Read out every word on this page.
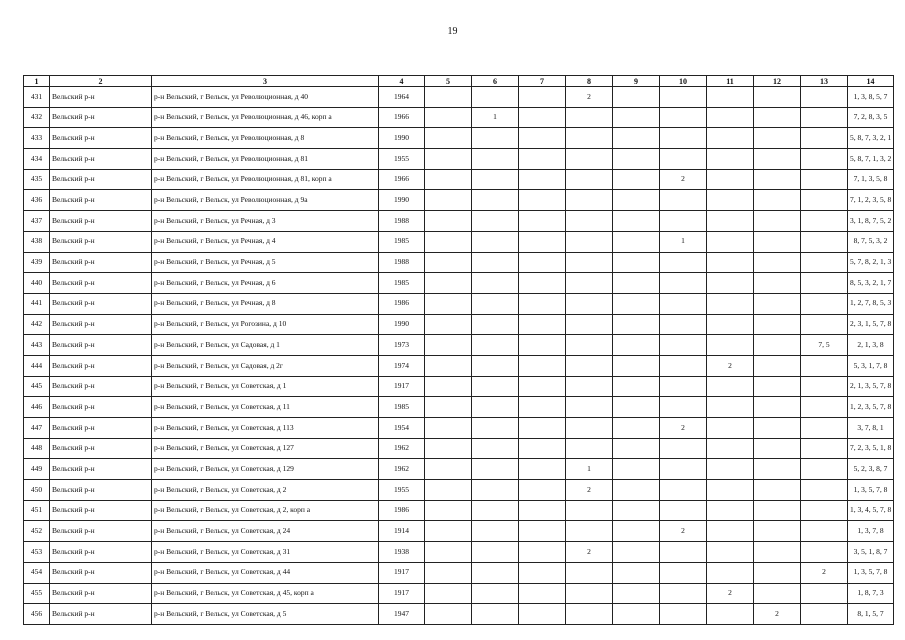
19
1	2	3	4	5	6	7	8	9	10	11	12	13	14
431	Вельский р-н	р-н Вельский, г Вельск, ул Революционная, д 40	1964				2						1, 3, 8, 5, 7
432	Вельский р-н	р-н Вельский, г Вельск, ул Революционная, д 46, корп а	1966		1								7, 2, 8, 3, 5
433	Вельский р-н	р-н Вельский, г Вельск, ул Революционная, д 8	1990										5, 8, 7, 3, 2, 1
434	Вельский р-н	р-н Вельский, г Вельск, ул Революционная, д 81	1955										5, 8, 7, 1, 3, 2
435	Вельский р-н	р-н Вельский, г Вельск, ул Революционная, д 81, корп а	1966						2				7, 1, 3, 5, 8
436	Вельский р-н	р-н Вельский, г Вельск, ул Революционная, д 9а	1990										7, 1, 2, 3, 5, 8
437	Вельский р-н	р-н Вельский, г Вельск, ул Речная, д 3	1988										3, 1, 8, 7, 5, 2
438	Вельский р-н	р-н Вельский, г Вельск, ул Речная, д 4	1985						1				8, 7, 5, 3, 2
439	Вельский р-н	р-н Вельский, г Вельск, ул Речная, д 5	1988										5, 7, 8, 2, 1, 3
440	Вельский р-н	р-н Вельский, г Вельск, ул Речная, д 6	1985										8, 5, 3, 2, 1, 7
441	Вельский р-н	р-н Вельский, г Вельск, ул Речная, д 8	1986										1, 2, 7, 8, 5, 3
442	Вельский р-н	р-н Вельский, г Вельск, ул Рогозина, д 10	1990										2, 3, 1, 5, 7, 8
443	Вельский р-н	р-н Вельский, г Вельск, ул Садовая, д 1	1973									7, 5	2, 1, 3, 8
444	Вельский р-н	р-н Вельский, г Вельск, ул Садовая, д 2г	1974							2			5, 3, 1, 7, 8
445	Вельский р-н	р-н Вельский, г Вельск, ул Советская, д 1	1917										2, 1, 3, 5, 7, 8
446	Вельский р-н	р-н Вельский, г Вельск, ул Советская, д 11	1985										1, 2, 3, 5, 7, 8
447	Вельский р-н	р-н Вельский, г Вельск, ул Советская, д 113	1954						2				3, 7, 8, 1
448	Вельский р-н	р-н Вельский, г Вельск, ул Советская, д 127	1962										7, 2, 3, 5, 1, 8
449	Вельский р-н	р-н Вельский, г Вельск, ул Советская, д 129	1962				1						5, 2, 3, 8, 7
450	Вельский р-н	р-н Вельский, г Вельск, ул Советская, д 2	1955				2						1, 3, 5, 7, 8
451	Вельский р-н	р-н Вельский, г Вельск, ул Советская, д 2, корп а	1986										1, 3, 4, 5, 7, 8
452	Вельский р-н	р-н Вельский, г Вельск, ул Советская, д 24	1914						2				1, 3, 7, 8
453	Вельский р-н	р-н Вельский, г Вельск, ул Советская, д 31	1938				2						3, 5, 1, 8, 7
454	Вельский р-н	р-н Вельский, г Вельск, ул Советская, д 44	1917									2	1, 3, 5, 7, 8
455	Вельский р-н	р-н Вельский, г Вельск, ул Советская, д 45, корп а	1917							2			1, 8, 7, 3
456	Вельский р-н	р-н Вельский, г Вельск, ул Советская, д 5	1947								2		8, 1, 5, 7
